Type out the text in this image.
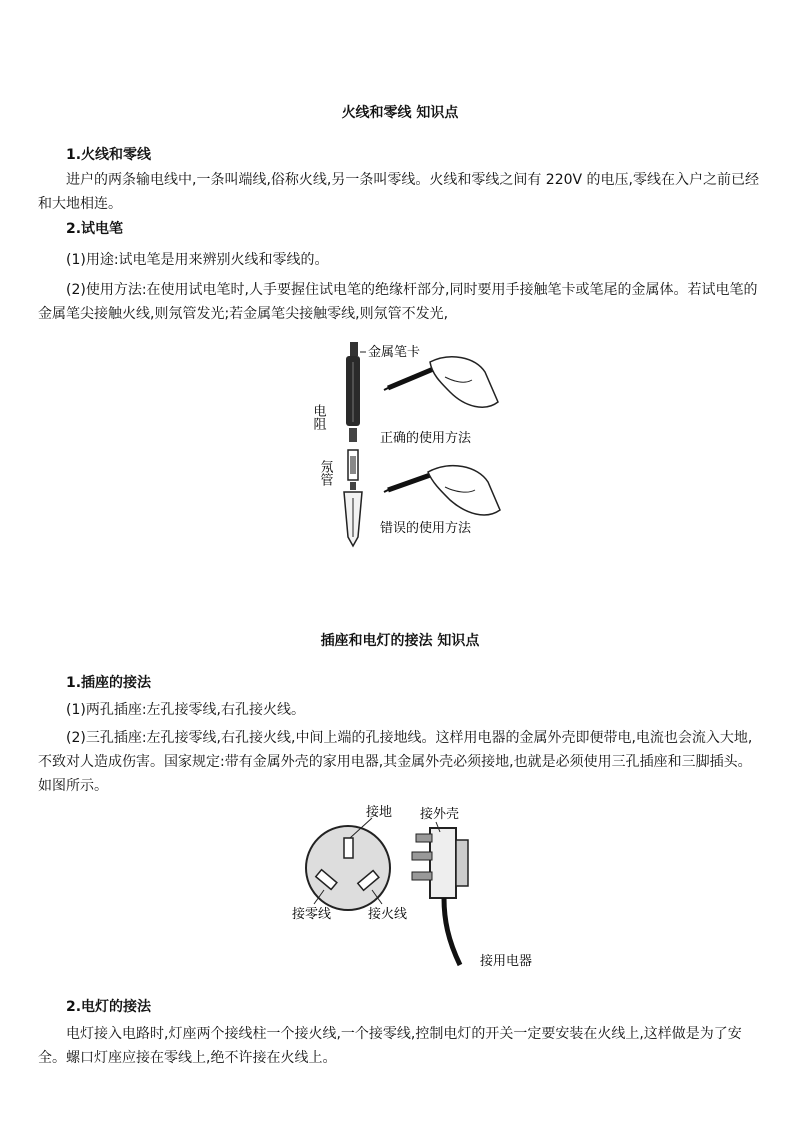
火线和零线 知识点
1.火线和零线

进户的两条输电线中,一条叫端线,俗称火线,另一条叫零线。火线和零线之间有 220V 的电压,零线在入户之前已经和大地相连。

2.试电笔

(1)用途:试电笔是用来辨别火线和零线的。

(2)使用方法:在使用试电笔时,人手要握住试电笔的绝缘杆部分,同时要用手接触笔卡或笔尾的金属体。若试电笔的金属笔尖接触火线,则氖管发光;若金属笔尖接触零线,则氖管不发光,

金属笔卡
电阻
氖管
正确的使用方法
错误的使用方法
插座和电灯的接法 知识点
1.插座的接法

(1)两孔插座:左孔接零线,右孔接火线。

(2)三孔插座:左孔接零线,右孔接火线,中间上端的孔接地线。这样用电器的金属外壳即便带电,电流也会流入大地,不致对人造成伤害。国家规定:带有金属外壳的家用电器,其金属外壳必须接地,也就是必须使用三孔插座和三脚插头。如图所示。

接地
接零线	接火线
接外壳
接用电器
2.电灯的接法

电灯接入电路时,灯座两个接线柱一个接火线,一个接零线,控制电灯的开关一定要安装在火线上,这样做是为了安全。螺口灯座应接在零线上,绝不许接在火线上。
